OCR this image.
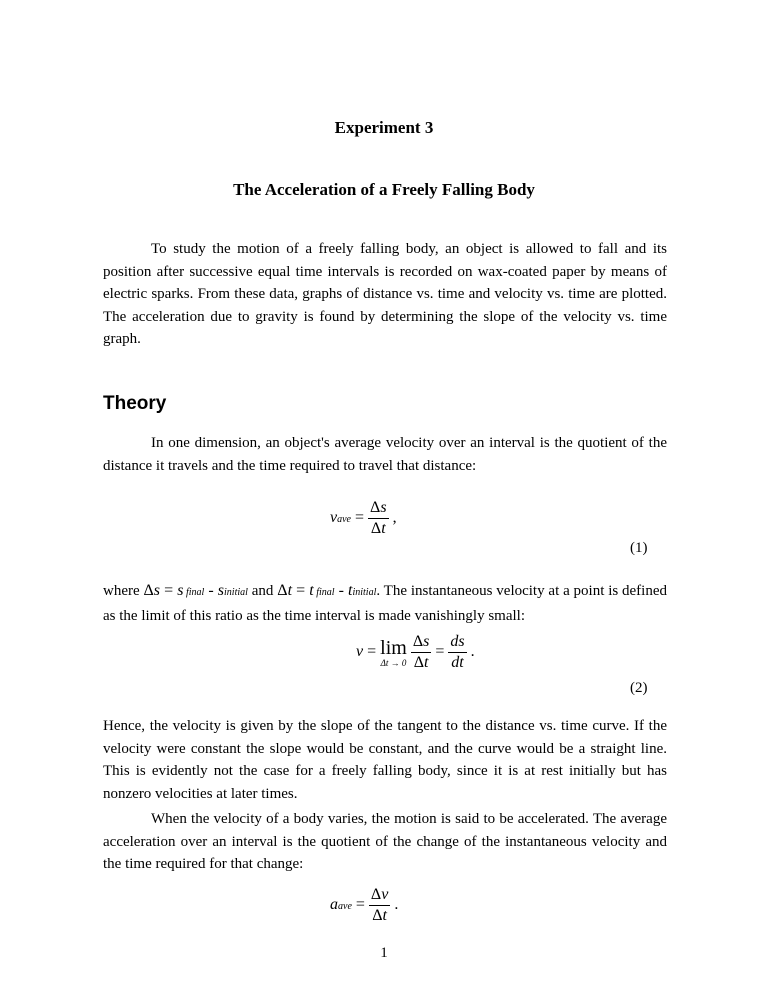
Experiment 3
The Acceleration of a Freely Falling Body

To study the motion of a freely falling body, an object is allowed to fall and its position after successive equal time intervals is recorded on wax-coated paper by means of electric sparks. From these data, graphs of distance vs. time and velocity vs. time are plotted. The acceleration due to gravity is found by determining the slope of the velocity vs. time graph.

Theory

In one dimension, an object's average velocity over an interval is the quotient of the distance it travels and the time required to travel that distance:

vave = $\frac{\Delta s}{\Delta t}$ ,
(1)
where Δs = s final - sinitial and Δt = t final - tinitial. The instantaneous velocity at a point is defined as the limit of this ratio as the time interval is made vanishingly small:
v = lim
Δt → 0
$\frac{\Delta s}{\Delta t} = \frac{ds}{dt}$ .
(2)

Hence, the velocity is given by the slope of the tangent to the distance vs. time curve. If the velocity were constant the slope would be constant, and the curve would be a straight line. This is evidently not the case for a freely falling body, since it is at rest initially but has nonzero velocities at later times.

When the velocity of a body varies, the motion is said to be accelerated. The average acceleration over an interval is the quotient of the change of the instantaneous velocity and the time required for that change:

aave = $\frac{\Delta v}{\Delta t}$ .
1
